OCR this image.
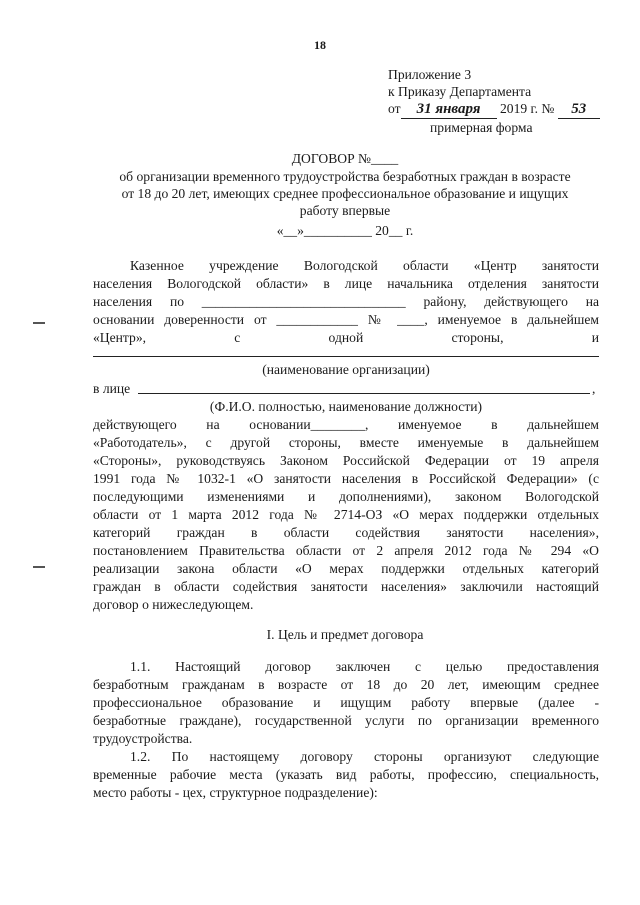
18
Приложение 3
к Приказу Департамента
от 31 января 2019 г. № 53
примерная форма
ДОГОВОР №____
об организации временного трудоустройства безработных граждан в возрасте
от 18 до 20 лет, имеющих среднее профессиональное образование и ищущих
работу впервые
«__»__________ 20__ г.
Казенное учреждение Вологодской области «Центр занятости
населения Вологодской области» в лице начальника отделения занятости
населения по ______________________________ району, действующего на
основании доверенности от ____________ № ____, именуемое в дальнейшем
«Центр», с одной стороны, и
(наименование организации)
в лице	,
(Ф.И.О. полностью, наименование должности)
действующего на основании________, именуемое в дальнейшем
«Работодатель», с другой стороны, вместе именуемые в дальнейшем
«Стороны», руководствуясь Законом Российской Федерации от 19 апреля
1991 года № 1032-1 «О занятости населения в Российской Федерации» (с
последующими изменениями и дополнениями), законом Вологодской
области от 1 марта 2012 года № 2714-ОЗ «О мерах поддержки отдельных
категорий граждан в области содействия занятости населения»,
постановлением Правительства области от 2 апреля 2012 года № 294 «О
реализации закона области «О мерах поддержки отдельных категорий
граждан в области содействия занятости населения» заключили настоящий
договор о нижеследующем.
I. Цель и предмет договора
1.1. Настоящий договор заключен с целью предоставления
безработным гражданам в возрасте от 18 до 20 лет, имеющим среднее
профессиональное образование и ищущим работу впервые (далее -
безработные граждане), государственной услуги по организации временного
трудоустройства.
1.2. По настоящему договору стороны организуют следующие
временные рабочие места (указать вид работы, профессию, специальность,
место работы - цех, структурное подразделение):
